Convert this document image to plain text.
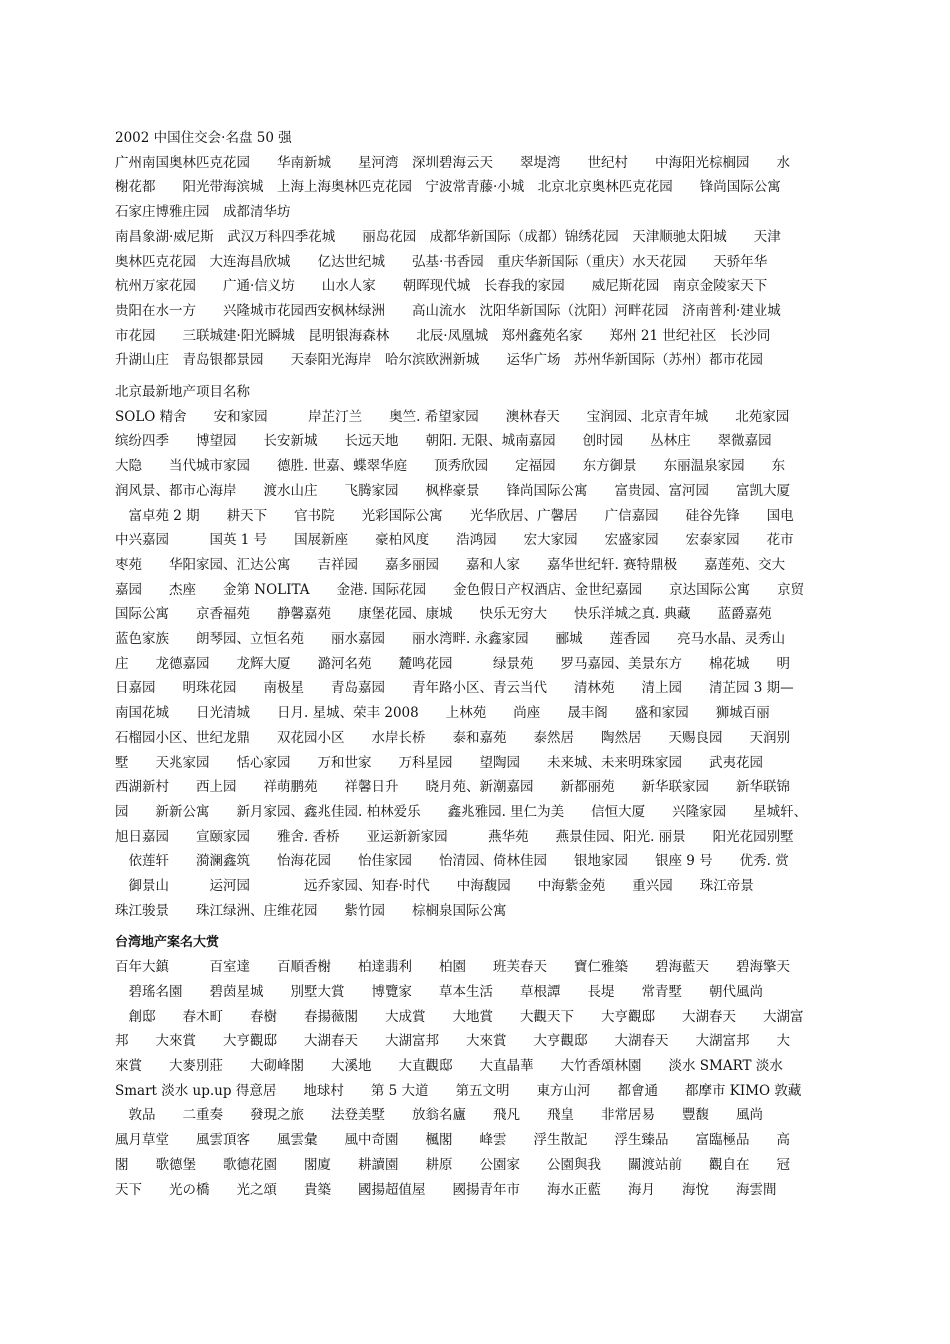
2002 中国住交会·名盘 50 强
广州南国奥林匹克花园　　华南新城　　星河湾　深圳碧海云天　　翠堤湾　　世纪村　　中海阳光棕榈园　　水
榭花都　　阳光带海滨城　上海上海奥林匹克花园　宁波常青藤·小城　北京北京奥林匹克花园　　锋尚国际公寓
石家庄博雅庄园　成都清华坊
南昌象湖·威尼斯　武汉万科四季花城　　丽岛花园　成都华新国际（成都）锦绣花园　天津顺驰太阳城　　天津
奥林匹克花园　大连海昌欣城　　亿达世纪城　　弘基·书香园　重庆华新国际（重庆）水天花园　　天骄年华
杭州万家花园　　广通·信义坊　　山水人家　　朝晖现代城　长春我的家园　　威尼斯花园　南京金陵家天下
贵阳在水一方　　兴隆城市花园西安枫林绿洲　　高山流水　沈阳华新国际（沈阳）河畔花园　济南普利·建业城
市花园　　三联城建·阳光瞬城　昆明银海森林　　北辰·凤凰城　郑州鑫苑名家　　郑州 21 世纪社区　长沙同
升湖山庄　青岛银都景园　　天泰阳光海岸　哈尔滨欧洲新城　　运华广场　苏州华新国际（苏州）都市花园
北京最新地产项目名称
SOLO 精舍　　安和家园　　　岸芷汀兰　　奥竺. 希望家园　　澳林春天　　宝润园、北京青年城　　北苑家园
缤纷四季　　博望园　　长安新城　　长远天地　　朝阳. 无限、城南嘉园　　创时园　　丛林庄　　翠微嘉园
大隐　　当代城市家园　　德胜. 世嘉、蝶翠华庭　　顶秀欣园　　定福园　　东方御景　　东丽温泉家园　　东
润风景、都市心海岸　　渡水山庄　　飞腾家园　　枫桦豪景　　锋尚国际公寓　　富贵园、富河园　　富凯大厦
　富卓苑 2 期　　耕天下　　官书院　　光彩国际公寓　　光华欣居、广馨居　　广信嘉园　　硅谷先锋　　国电
中兴嘉园　　　国英 1 号　　国展新座　　豪柏风度　　浩鸿园　　宏大家园　　宏盛家园　　宏泰家园　　花市
枣苑　　华阳家园、汇达公寓　　吉祥园　　嘉多丽园　　嘉和人家　　嘉华世纪轩. 赛特鼎极　　嘉莲苑、交大
嘉园　　杰座　　金第 NOLITA　　金港. 国际花园　　金色假日产权酒店、金世纪嘉园　　京达国际公寓　　京贸
国际公寓　　京香福苑　　静馨嘉苑　　康堡花园、康城　　快乐无穷大　　快乐洋城之真. 典藏　　蓝爵嘉苑
蓝色家族　　朗琴园、立恒名苑　　丽水嘉园　　丽水湾畔. 永鑫家园　　郦城　　莲香园　　亮马水晶、灵秀山
庄　　龙德嘉园　　龙辉大厦　　潞河名苑　　麓鸣花园　　　绿景苑　　罗马嘉园、美景东方　　棉花城　　明
日嘉园　　明珠花园　　南极星　　青岛嘉园　　青年路小区、青云当代　　清林苑　　清上园　　清芷园 3 期—
南国花城　　日光清城　　日月. 星城、荣丰 2008　　上林苑　　尚座　　晟丰阁　　盛和家园　　狮城百丽
石榴园小区、世纪龙鼎　　双花园小区　　水岸长桥　　泰和嘉苑　　泰然居　　陶然居　　天赐良园　　天润别
墅　　天兆家园　　恬心家园　　万和世家　　万科星园　　望陶园　　未来城、未来明珠家园　　武夷花园
西湖新村　　西上园　　祥萌鹏苑　　祥馨日升　　晓月苑、新潮嘉园　　新都丽苑　　新华联家园　　新华联锦
园　　新新公寓　　新月家园、鑫兆佳园. 柏林爱乐　　鑫兆雅园. 里仁为美　　信恒大厦　　兴隆家园　　星城轩、
旭日嘉园　　宣颐家园　　雅舍. 香桥　　亚运新新家园　　　燕华苑　　燕景佳园、阳光. 丽景　　阳光花园别墅
　依莲轩　　漪澜鑫筑　　怡海花园　　怡佳家园　　怡清园、倚林佳园　　银地家园　　银座 9 号　　优秀. 赏
　御景山　　　运河园　　　　远乔家园、知春·时代　　中海馥园　　中海紫金苑　　重兴园　　珠江帝景
珠江骏景　　珠江绿洲、庄维花园　　紫竹园　　棕榈泉国际公寓
台湾地产案名大赏
百年大鎮　　　百室達　　百順香榭　　柏達翡利　　柏園　　班芙春天　　寶仁雅築　　碧海藍天　　碧海擎天
　碧瑤名園　　碧茵星城　　別墅大賞　　博覽家　　草本生活　　草根譚　　長堤　　常青墅　　朝代風尚
　創邸　　春木町　　春樹　　春揚薇閣　　大成賞　　大地賞　　大觀天下　　大亨觀邸　　大湖春天　　大湖富
邦　　大來賞　　大亨觀邸　　大湖春天　　大湖富邦　　大來賞　　大亨觀邸　　大湖春天　　大湖富邦　　大
來賞　　大麥別莊　　大砌峰閣　　大溪地　　大直觀邸　　大直晶華　　大竹香頌林園　　淡水 SMART 淡水
Smart 淡水 up.up 得意居　　地球村　　第 5 大道　　第五文明　　東方山河　　都會通　　都摩市 KIMO 敦藏
　敦品　　二重奏　　發現之旅　　法登美墅　　放翁名廬　　飛凡　　飛皇　　非常居易　　豐馥　　風尚
風月草堂　　風雲頂客　　風雲彙　　風中奇園　　楓閣　　峰雲　　浮生散記　　浮生臻品　　富臨極品　　高
閣　　歌德堡　　歌德花園　　閣廈　　耕讀園　　耕原　　公園家　　公園與我　　關渡站前　　觀自在　　冠
天下　　光の橋　　光之頌　　貴築　　國揚超值屋　　國揚青年市　　海水正藍　　海月　　海悅　　海雲間
